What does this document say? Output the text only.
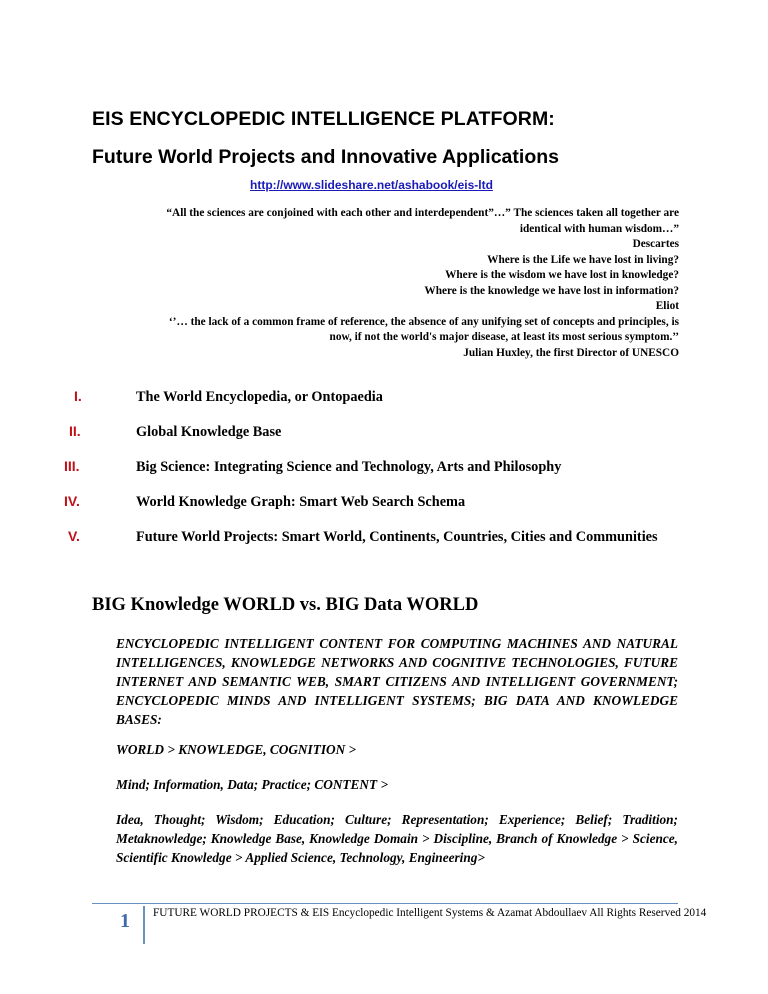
EIS ENCYCLOPEDIC INTELLIGENCE PLATFORM:
Future World Projects and Innovative Applications
http://www.slideshare.net/ashabook/eis-ltd
“All the sciences are conjoined with each other and interdependent”…” The sciences taken all together are
identical with human wisdom…”
Descartes
Where is the Life we have lost in living?
Where is the wisdom we have lost in knowledge?
Where is the knowledge we have lost in information?
Eliot
‘’… the lack of a common frame of reference, the absence of any unifying set of concepts and principles, is
now, if not the world's major disease, at least its most serious symptom.’’
Julian Huxley, the first Director of UNESCO
I.	The World Encyclopedia, or Ontopaedia
II.	Global Knowledge Base
III.	Big Science: Integrating Science and Technology, Arts and Philosophy
IV.	World Knowledge Graph: Smart Web Search Schema
V.	Future World Projects: Smart World, Continents, Countries, Cities and Communities
BIG Knowledge WORLD vs. BIG Data WORLD
ENCYCLOPEDIC INTELLIGENT CONTENT FOR COMPUTING MACHINES AND NATURAL INTELLIGENCES, KNOWLEDGE NETWORKS AND COGNITIVE TECHNOLOGIES, FUTURE INTERNET AND SEMANTIC WEB, SMART CITIZENS AND INTELLIGENT GOVERNMENT; ENCYCLOPEDIC MINDS AND INTELLIGENT SYSTEMS; BIG DATA AND KNOWLEDGE BASES:
WORLD > KNOWLEDGE, COGNITION >
Mind; Information, Data; Practice; CONTENT >
Idea, Thought; Wisdom; Education; Culture; Representation; Experience; Belief; Tradition; Metaknowledge; Knowledge Base, Knowledge Domain > Discipline, Branch of Knowledge > Science, Scientific Knowledge > Applied Science, Technology, Engineering>
1 FUTURE WORLD PROJECTS & EIS Encyclopedic Intelligent Systems & Azamat Abdoullaev All Rights Reserved 2014
